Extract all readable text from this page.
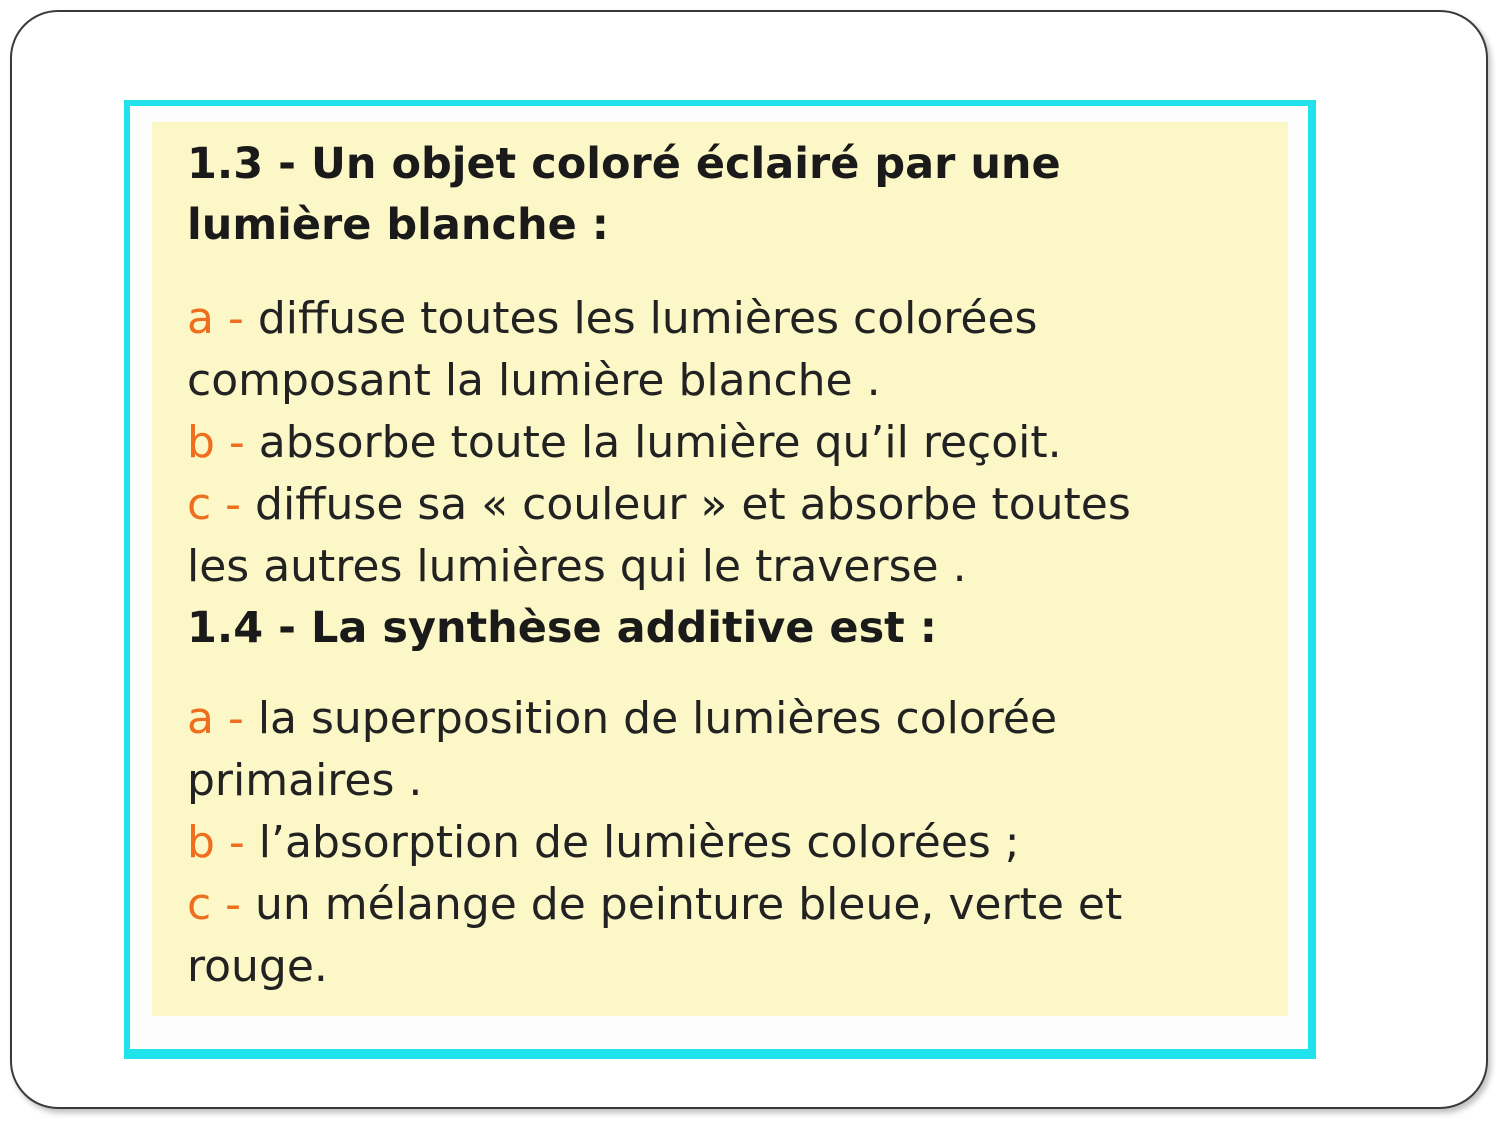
1.3 - Un objet coloré éclairé par une
lumière blanche :
a - diffuse toutes les lumières colorées
composant la lumière blanche .
b - absorbe toute la lumière qu’il reçoit.
c - diffuse sa « couleur » et absorbe toutes
les autres lumières qui le traverse .
1.4 - La synthèse additive est :
a - la superposition de lumières colorée
primaires .
b - l’absorption de lumières colorées ;
c - un mélange de peinture bleue, verte et
rouge.
